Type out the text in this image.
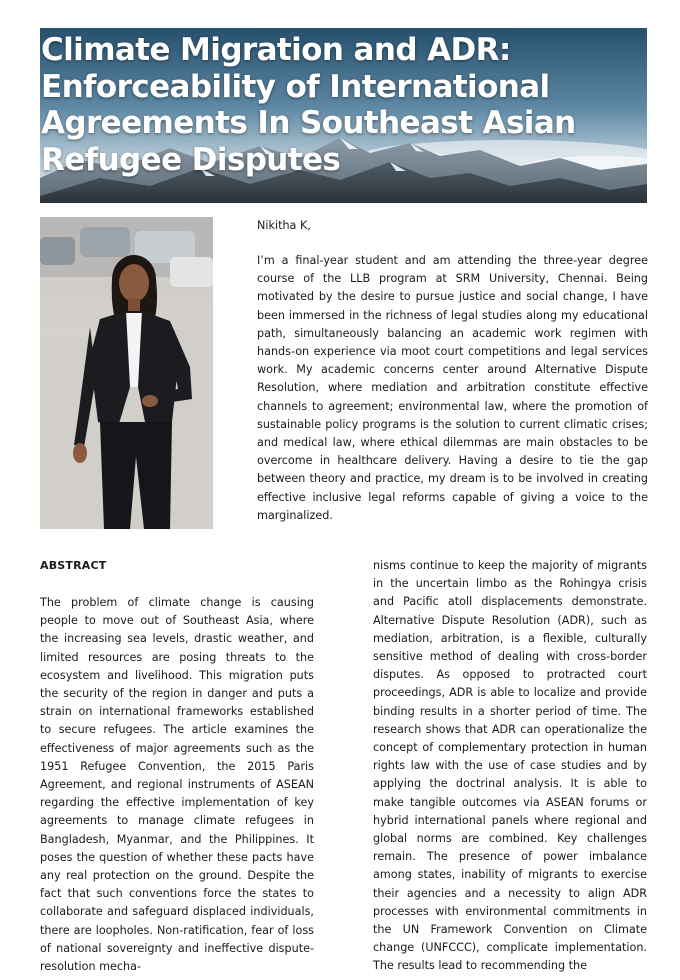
Climate Migration and ADR:
Enforceability of International
Agreements In Southeast Asian
Refugee Disputes

Nikitha K,

I’m a final-year student and am attending the three-year degree course of the LLB program at SRM University, Chennai. Being motivated by the desire to pursue justice and social change, I have been immersed in the richness of legal studies along my educational path, simultaneously balancing an academic work regimen with hands-on experience via moot court competitions and legal services work. My academic concerns center around Alternative Dispute Resolution, where mediation and arbitration constitute effective channels to agreement; environmental law, where the promotion of sustainable policy programs is the solution to current climatic crises; and medical law, where ethical dilemmas are main obstacles to be overcome in healthcare delivery. Having a desire to tie the gap between theory and practice, my dream is to be involved in creating effective inclusive legal reforms capable of giving a voice to the marginalized.

ABSTRACT

The problem of climate change is causing people to move out of Southeast Asia, where the increasing sea levels, drastic weather, and limited resources are posing threats to the ecosystem and livelihood. This migration puts the security of the region in danger and puts a strain on international frameworks established to secure refugees. The article examines the effectiveness of major agreements such as the 1951 Refugee Convention, the 2015 Paris Agreement, and regional instruments of ASEAN regarding the effective implementation of key agreements to manage climate refugees in Bangladesh, Myanmar, and the Philippines. It poses the question of whether these pacts have any real protection on the ground. Despite the fact that such conventions force the states to collaborate and safeguard displaced individuals, there are loopholes. Non-ratification, fear of loss of national sovereignty and ineffective dispute-resolution mecha-

nisms continue to keep the majority of migrants in the uncertain limbo as the Rohingya crisis and Pacific atoll displacements demonstrate. Alternative Dispute Resolution (ADR), such as mediation, arbitration, is a flexible, culturally sensitive method of dealing with cross-border disputes. As opposed to protracted court proceedings, ADR is able to localize and provide binding results in a shorter period of time. The research shows that ADR can operationalize the concept of complementary protection in human rights law with the use of case studies and by applying the doctrinal analysis. It is able to make tangible outcomes via ASEAN forums or hybrid international panels where regional and global norms are combined. Key challenges remain. The presence of power imbalance among states, inability of migrants to exercise their agencies and a necessity to align ADR processes with environmental commitments in the UN Framework Convention on Climate change (UNFCCC), complicate implementation. The results lead to recommending the
